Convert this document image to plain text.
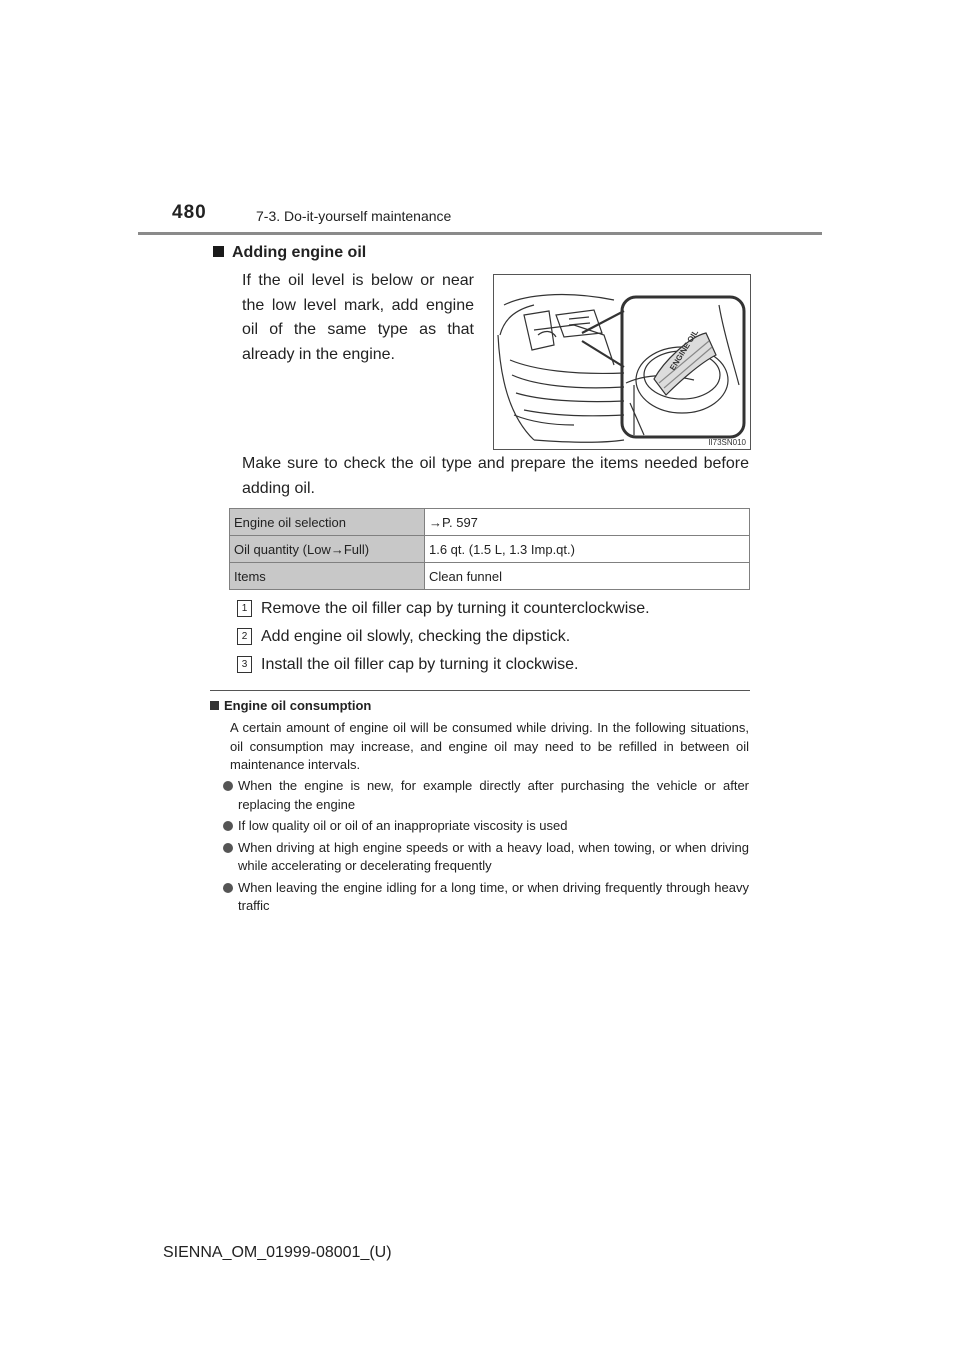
480	7-3. Do-it-yourself maintenance
Adding engine oil
If the oil level is below or near the low level mark, add engine oil of the same type as that already in the engine.	ENGINE OIL
II73SN010
Make sure to check the oil type and prepare the items needed before adding oil.
Engine oil selection	→P. 597
Oil quantity (Low→Full)	1.6 qt. (1.5 L, 1.3 Imp.qt.)
Items	Clean funnel
1 Remove the oil filler cap by turning it counterclockwise.
2 Add engine oil slowly, checking the dipstick.
3 Install the oil filler cap by turning it clockwise.
Engine oil consumption
A certain amount of engine oil will be consumed while driving. In the following situations, oil consumption may increase, and engine oil may need to be refilled in between oil maintenance intervals.
When the engine is new, for example directly after purchasing the vehicle or after replacing the engine
If low quality oil or oil of an inappropriate viscosity is used
When driving at high engine speeds or with a heavy load, when towing, or when driving while accelerating or decelerating frequently
When leaving the engine idling for a long time, or when driving frequently through heavy traffic
SIENNA_OM_01999-08001_(U)
